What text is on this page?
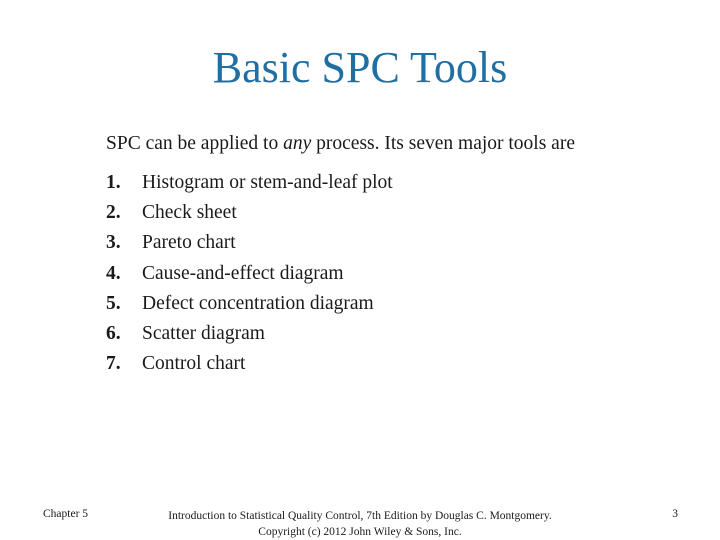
Basic SPC Tools
SPC can be applied to any process. Its seven major tools are
1. Histogram or stem-and-leaf plot
2. Check sheet
3. Pareto chart
4. Cause-and-effect diagram
5. Defect concentration diagram
6. Scatter diagram
7. Control chart
Chapter 5	Introduction to Statistical Quality Control, 7th Edition by Douglas C. Montgomery.
Copyright (c) 2012 John Wiley & Sons, Inc.
3
